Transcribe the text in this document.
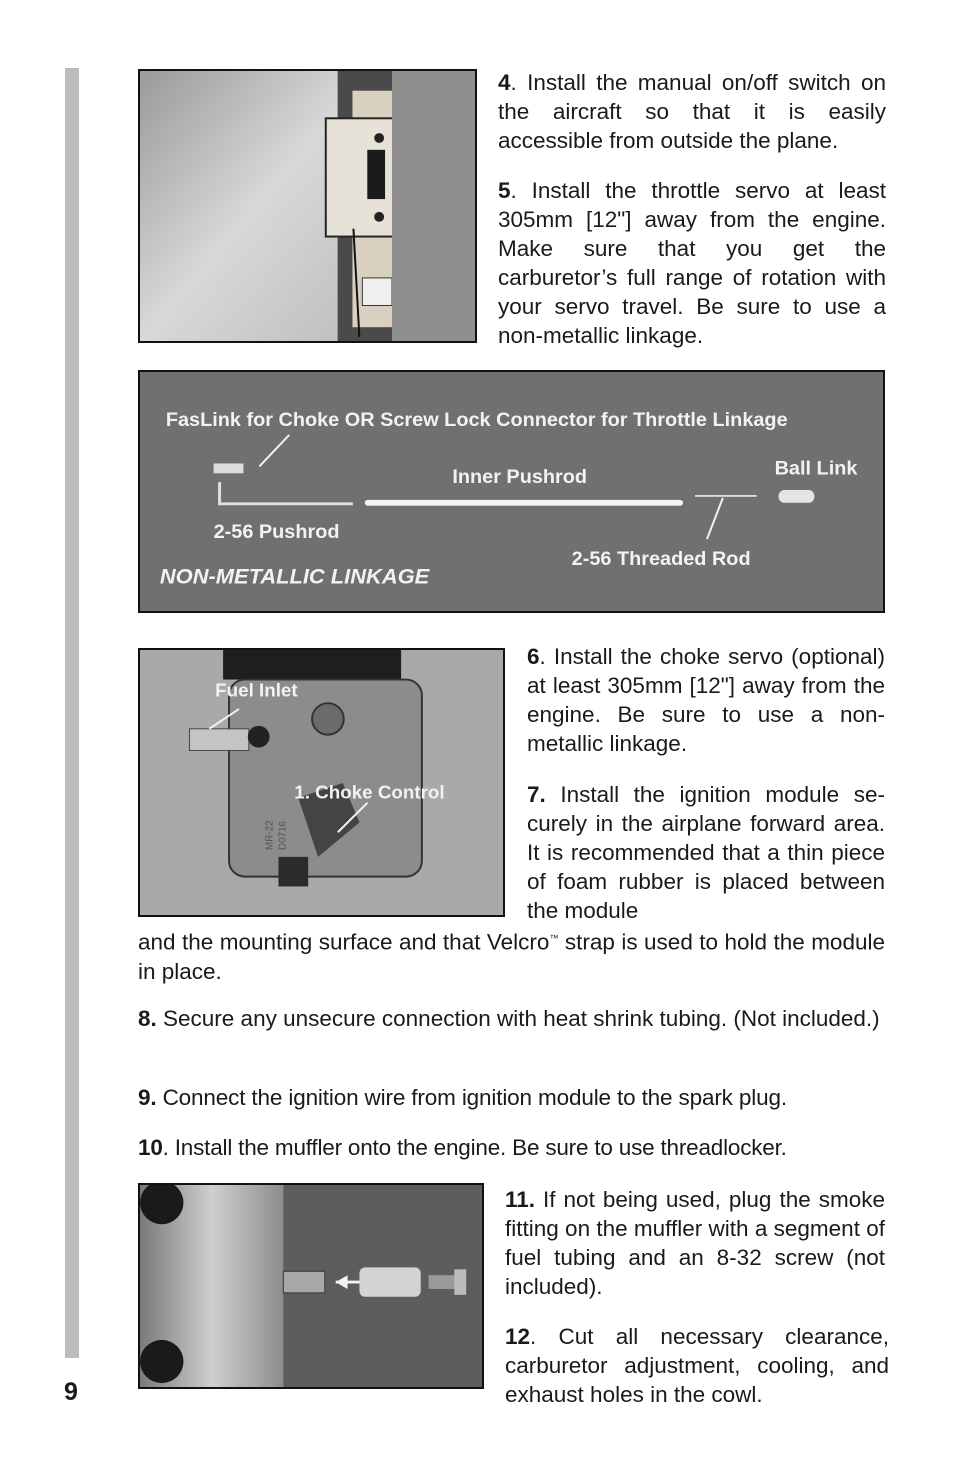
9

4. Install the manual on/off switch on the aircraft so that it is easily accessible from outside the plane.

5. Install the throttle servo at least 305mm [12"] away from the engine. Make sure that you get the carburetor’s full range of rotation with your servo travel. Be sure to use a non-metallic linkage.

FasLink for Choke OR Screw Lock Connector for Throttle Linkage
Inner Pushrod	Ball Link
2-56 Pushrod
2-56 Threaded Rod
NON-METALLIC LINKAGE
Fuel Inlet
1. Choke Control
MR-22 D0716

6. Install the choke servo (optional) at least 305mm [12"] away from the engine. Be sure to use a non-metallic linkage.

7. Install the ignition module securely in the airplane forward area. It is recommended that a thin piece of foam rubber is placed between the module

and the mounting surface and that Velcro™ strap is used to hold the module in place.

8. Secure any unsecure connection with heat shrink tubing. (Not included.)

9. Connect the ignition wire from ignition module to the spark plug.

10. Install the muffler onto the engine. Be sure to use threadlocker.

11. If not being used, plug the smoke fitting on the muffler with a segment of fuel tubing and an 8-32 screw (not included).

12. Cut all necessary clearance, carburetor adjustment, cooling, and exhaust holes in the cowl.
